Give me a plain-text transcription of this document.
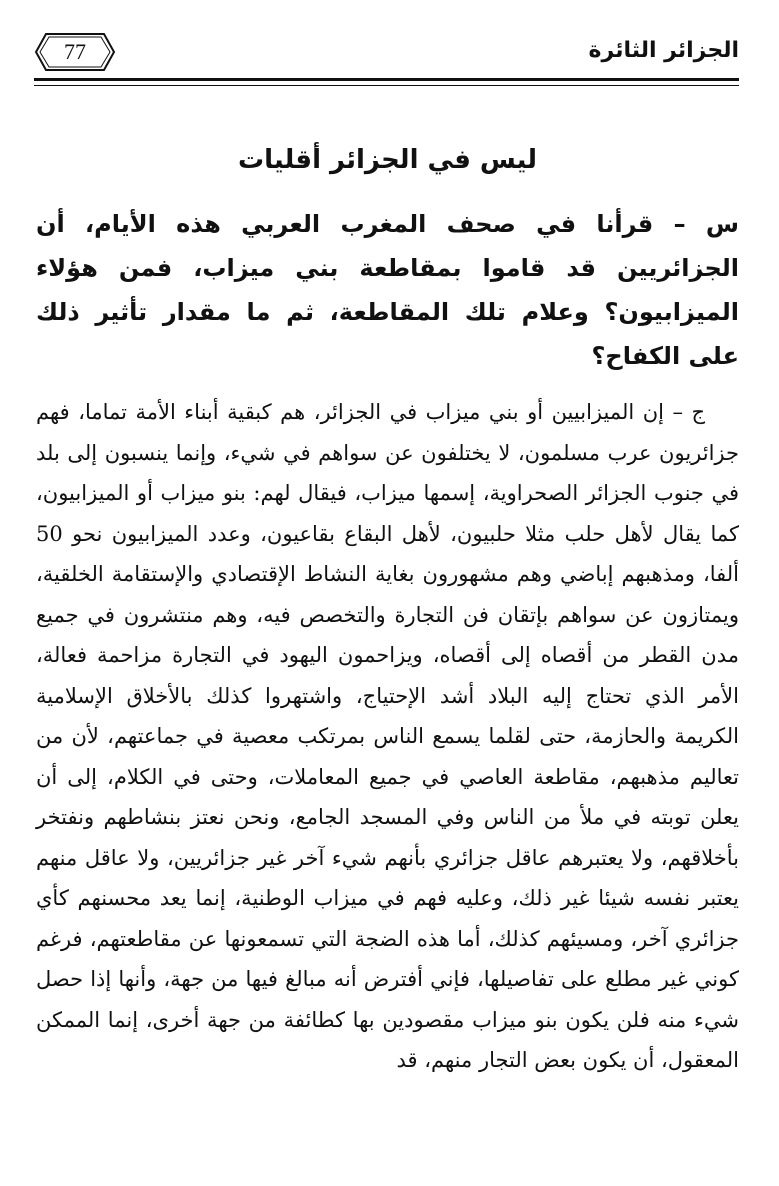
77	الجزائر الثائرة
ليس في الجزائر أقليات

س – قرأنا في صحف المغرب العربي هذه الأيام، أن الجزائريين قد قاموا بمقاطعة بني ميزاب، فمن هؤلاء الميزابيون؟ وعلام تلك المقاطعة، ثم ما مقدار تأثير ذلك على الكفاح؟

ج – إن الميزابيين أو بني ميزاب في الجزائر، هم كبقية أبناء الأمة تماما، فهم جزائريون عرب مسلمون، لا يختلفون عن سواهم في شيء، وإنما ينسبون إلى بلد في جنوب الجزائر الصحراوية، إسمها ميزاب، فيقال لهم: بنو ميزاب أو الميزابيون، كما يقال لأهل حلب مثلا حلبيون، لأهل البقاع بقاعيون، وعدد الميزابيون نحو 50 ألفا، ومذهبهم إباضي وهم مشهورون بغاية النشاط الإقتصادي والإستقامة الخلقية، ويمتازون عن سواهم بإتقان فن التجارة والتخصص فيه، وهم منتشرون في جميع مدن القطر من أقصاه إلى أقصاه، ويزاحمون اليهود في التجارة مزاحمة فعالة، الأمر الذي تحتاج إليه البلاد أشد الإحتياج، واشتهروا كذلك بالأخلاق الإسلامية الكريمة والحازمة، حتى لقلما يسمع الناس بمرتكب معصية في جماعتهم، لأن من تعاليم مذهبهم، مقاطعة العاصي في جميع المعاملات، وحتى في الكلام، إلى أن يعلن توبته في ملأ من الناس وفي المسجد الجامع، ونحن نعتز بنشاطهم ونفتخر بأخلاقهم، ولا يعتبرهم عاقل جزائري بأنهم شيء آخر غير جزائريين، ولا عاقل منهم يعتبر نفسه شيئا غير ذلك، وعليه فهم في ميزاب الوطنية، إنما يعد محسنهم كأي جزائري آخر، ومسيئهم كذلك، أما هذه الضجة التي تسمعونها عن مقاطعتهم، فرغم كوني غير مطلع على تفاصيلها، فإني أفترض أنه مبالغ فيها من جهة، وأنها إذا حصل شيء منه فلن يكون بنو ميزاب مقصودين بها كطائفة من جهة أخرى، إنما الممكن المعقول، أن يكون بعض التجار منهم، قد
